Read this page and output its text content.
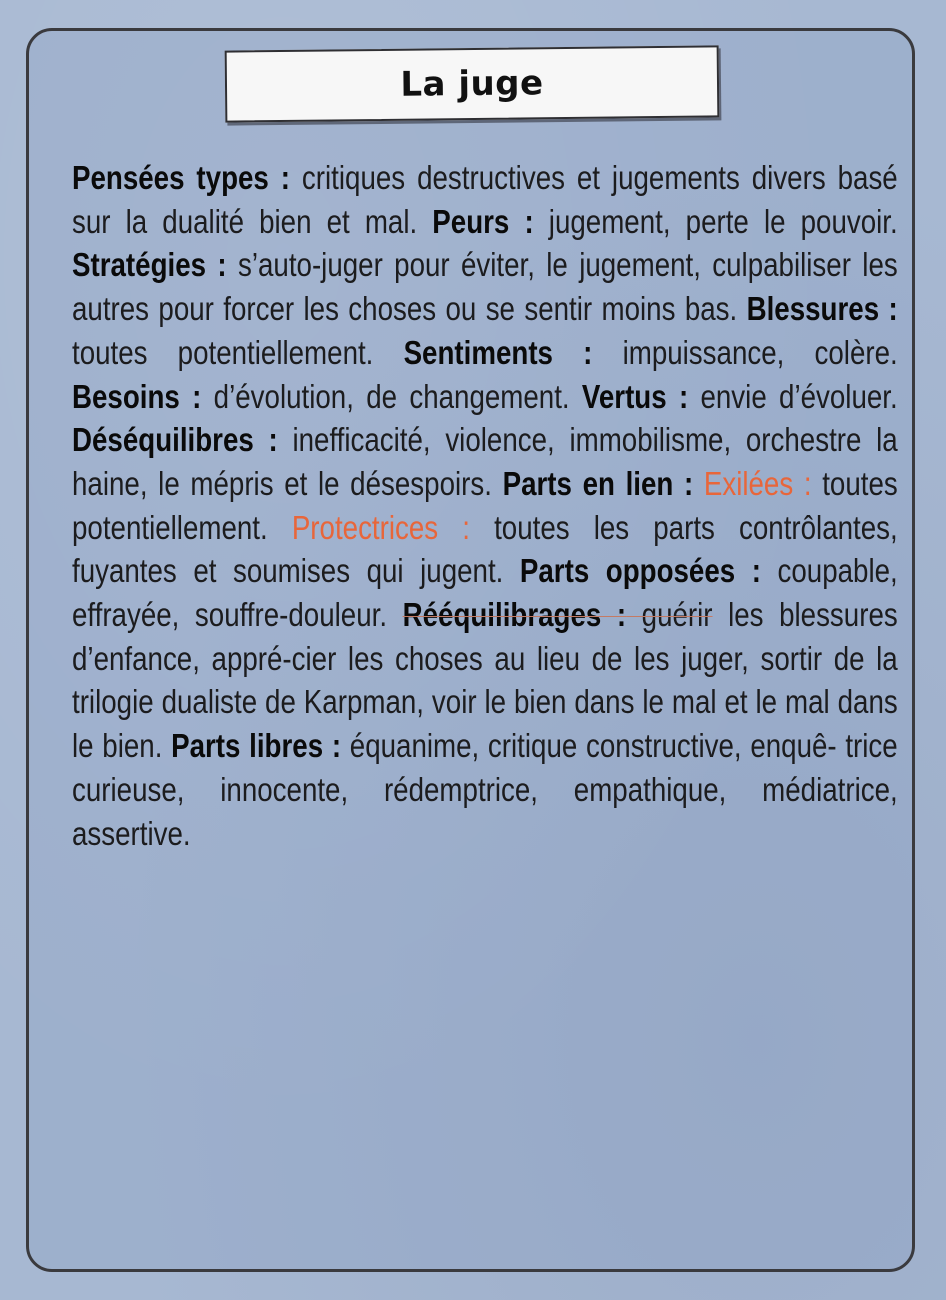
La juge
Pensées types : critiques destructives et jugements divers basé sur la dualité bien et mal. Peurs : jugement, perte le pouvoir. Stratégies : s’auto-juger pour éviter, le jugement, culpabiliser les autres pour forcer les choses ou se sentir moins bas. Blessures : toutes potentiellement. Sentiments : impuissance, colère. Besoins : d’évolution, de changement. Vertus : envie d’évoluer. Déséquilibres : inefficacité, violence, immobilisme, orchestre la haine, le mépris et le désespoirs. Parts en lien : Exilées : toutes potentiellement. Protectrices : toutes les parts contrôlantes, fuyantes et soumises qui jugent. Parts opposées : coupable, effrayée, souffre-douleur. Rééquilibrages : guérir les blessures d’enfance, appré-cier les choses au lieu de les juger, sortir de la trilogie dualiste de Karpman, voir le bien dans le mal et le mal dans le bien. Parts libres : équanime, critique constructive, enquê- trice curieuse, innocente, rédemptrice, empathique, médiatrice, assertive.
